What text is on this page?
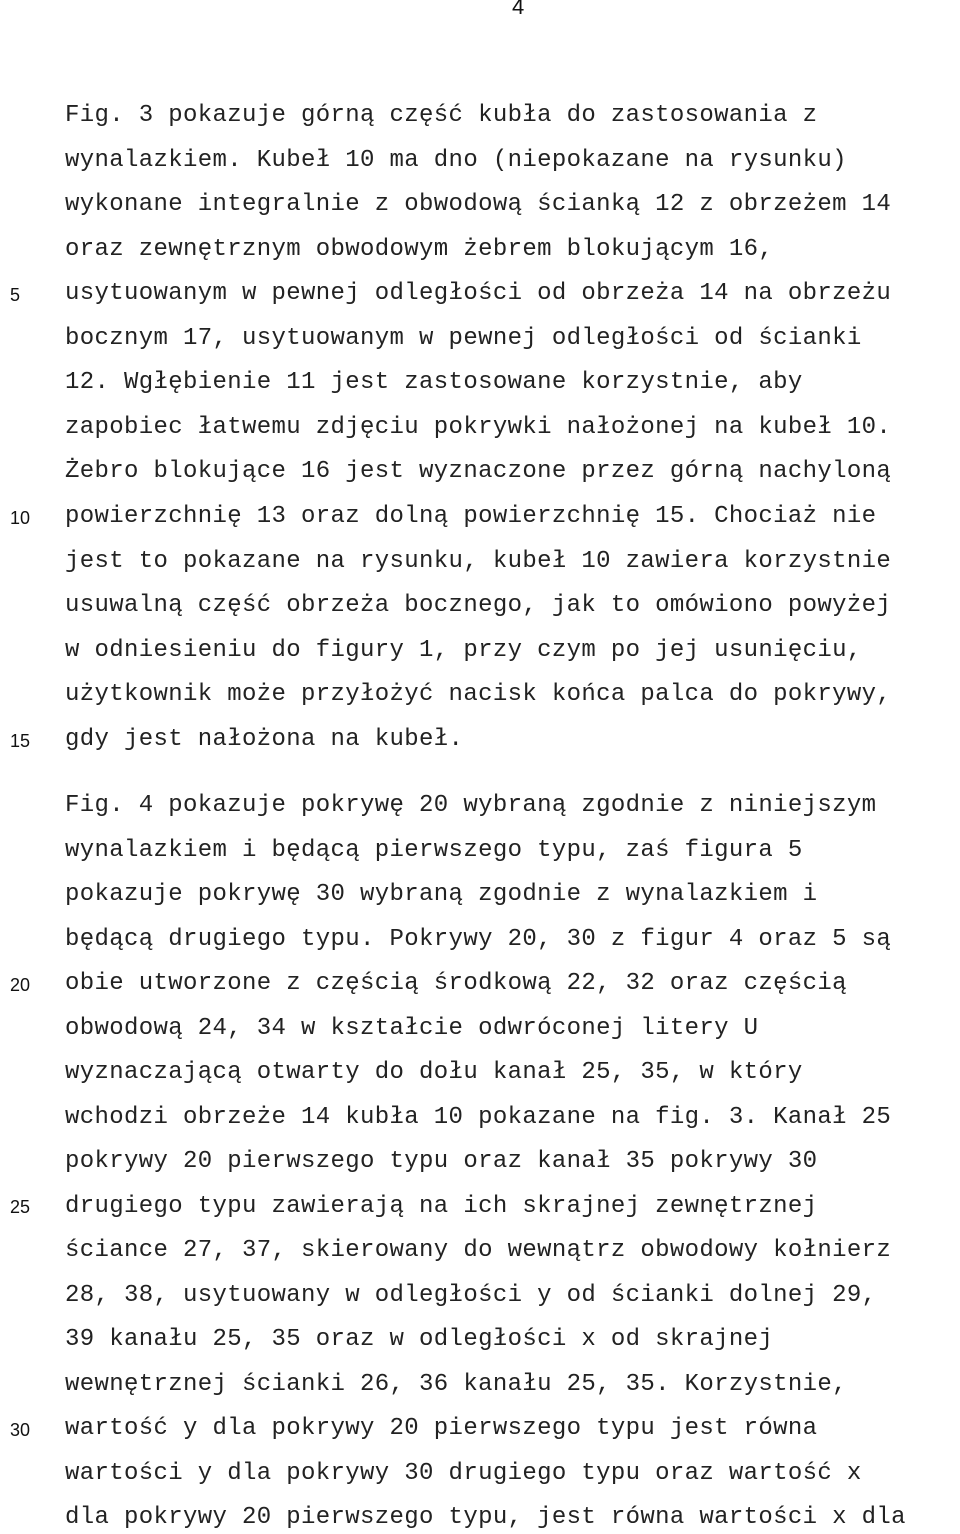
4
5
10
15
20
25
30
Fig. 3 pokazuje górną część kubła do zastosowania z
wynalazkiem. Kubeł 10 ma dno (niepokazane na rysunku)
wykonane integralnie z obwodową ścianką 12 z obrzeżem 14
oraz zewnętrznym obwodowym żebrem blokującym 16,
usytuowanym w pewnej odległości od obrzeża 14 na obrzeżu
bocznym 17, usytuowanym w pewnej odległości od ścianki
12. Wgłębienie 11 jest zastosowane korzystnie, aby
zapobiec łatwemu zdjęciu pokrywki nałożonej na kubeł 10.
Żebro blokujące 16 jest wyznaczone przez górną nachyloną
powierzchnię 13 oraz dolną powierzchnię 15. Chociaż nie
jest to pokazane na rysunku, kubeł 10 zawiera korzystnie
usuwalną część obrzeża bocznego, jak to omówiono powyżej
w odniesieniu do figury 1, przy czym po jej usunięciu,
użytkownik może przyłożyć nacisk końca palca do pokrywy,
gdy jest nałożona na kubeł.
Fig. 4 pokazuje pokrywę 20 wybraną zgodnie z niniejszym
wynalazkiem i będącą pierwszego typu, zaś figura 5
pokazuje pokrywę 30 wybraną zgodnie z wynalazkiem i
będącą drugiego typu. Pokrywy 20, 30 z figur 4 oraz 5 są
obie utworzone z częścią środkową 22, 32 oraz częścią
obwodową 24, 34 w kształcie odwróconej litery U
wyznaczającą otwarty do dołu kanał 25, 35, w który
wchodzi obrzeże 14 kubła 10 pokazane na fig. 3. Kanał 25
pokrywy 20 pierwszego typu oraz kanał 35 pokrywy 30
drugiego typu zawierają na ich skrajnej zewnętrznej
ściance 27, 37, skierowany do wewnątrz obwodowy kołnierz
28, 38, usytuowany w odległości y od ścianki dolnej 29,
39 kanału 25, 35 oraz w odległości x od skrajnej
wewnętrznej ścianki 26, 36 kanału 25, 35. Korzystnie,
wartość y dla pokrywy 20 pierwszego typu jest równa
wartości y dla pokrywy 30 drugiego typu oraz wartość x
dla pokrywy 20 pierwszego typu, jest równa wartości x dla
